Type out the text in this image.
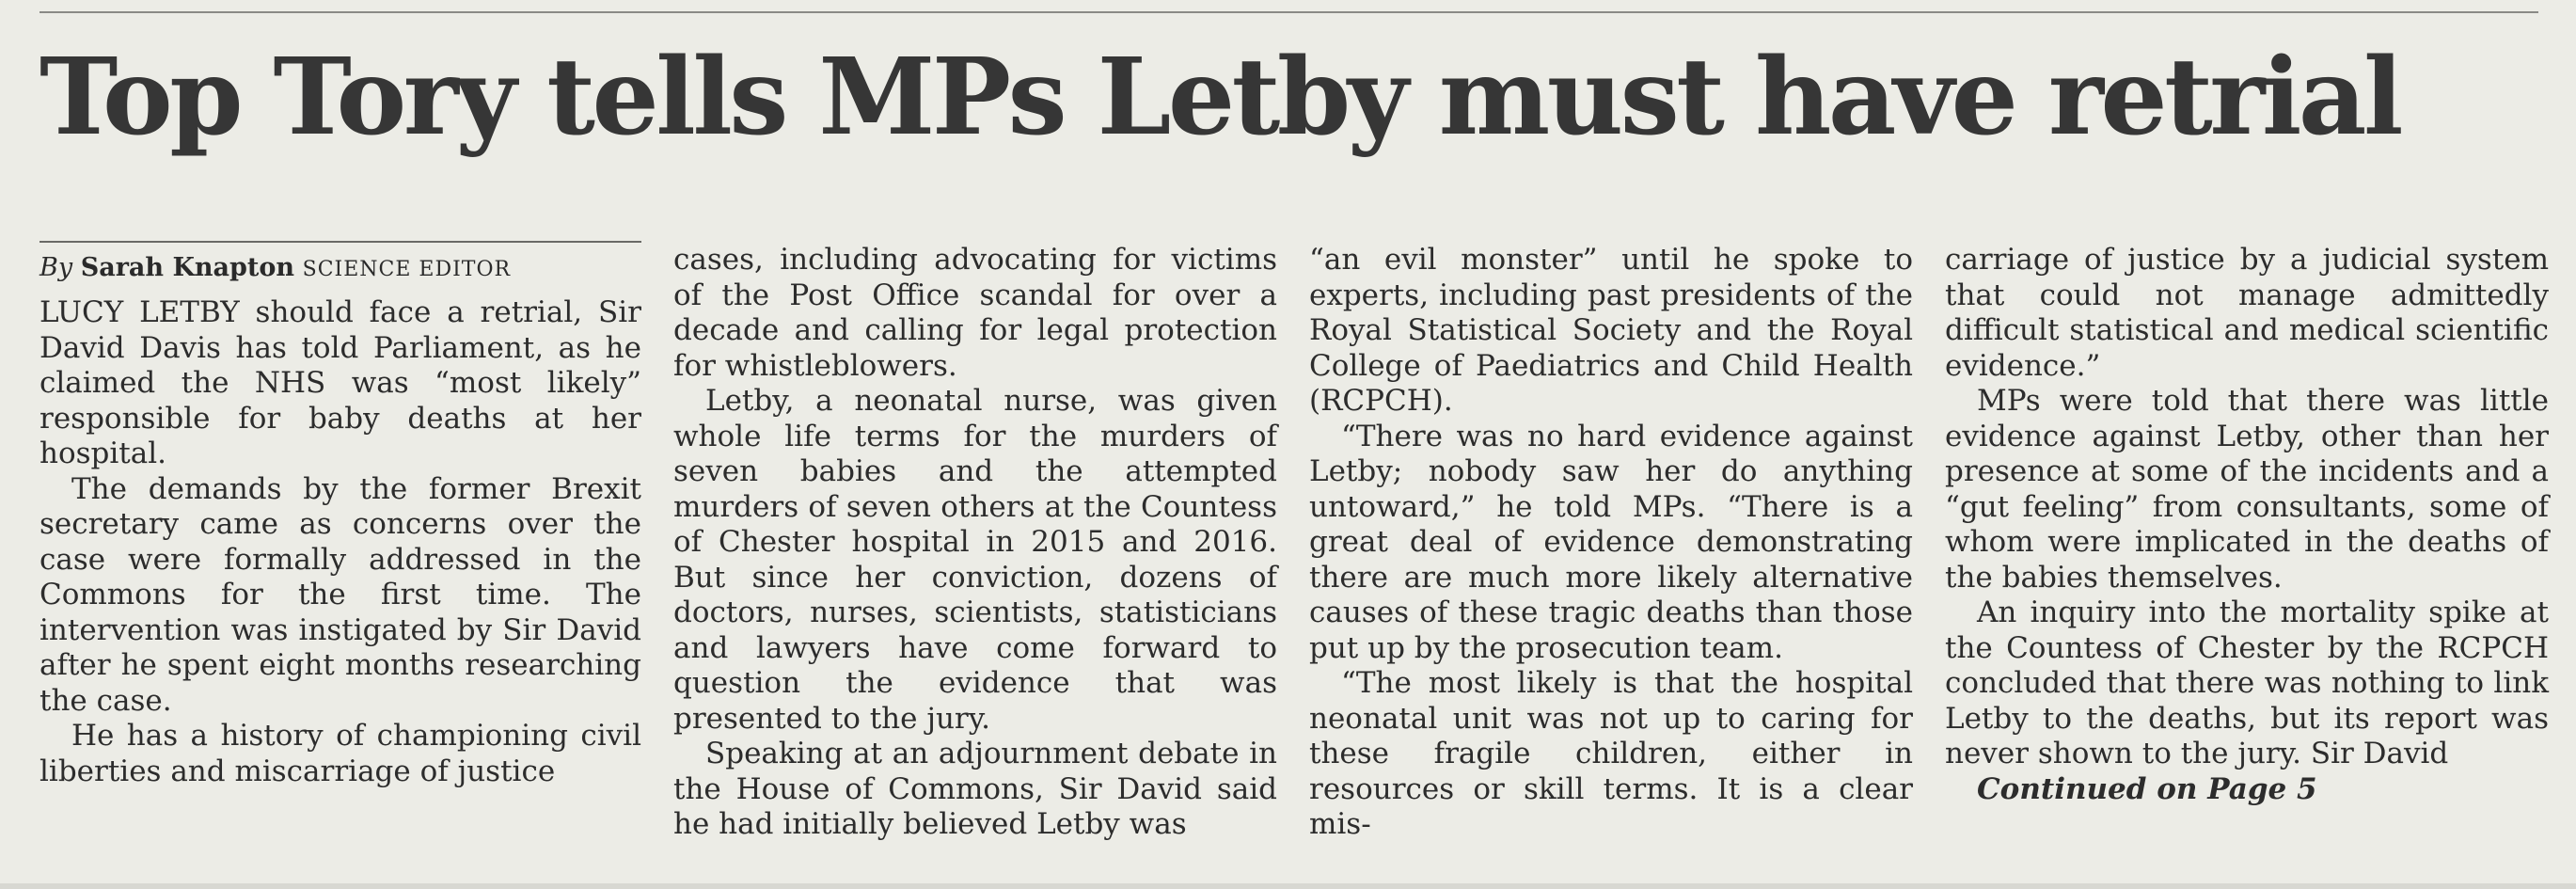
Top Tory tells MPs Letby must have retrial
By Sarah Knapton SCIENCE EDITOR

LUCY LETBY should face a retrial, Sir David Davis has told Parliament, as he claimed the NHS was “most likely” responsible for baby deaths at her hospital.

The demands by the former Brexit secretary came as concerns over the case were formally addressed in the Commons for the first time. The intervention was instigated by Sir David after he spent eight months researching the case.

He has a history of championing civil liberties and miscarriage of justice

cases, including advocating for victims of the Post Office scandal for over a decade and calling for legal protection for whistleblowers.

Letby, a neonatal nurse, was given whole life terms for the murders of seven babies and the attempted murders of seven others at the Countess of Chester hospital in 2015 and 2016. But since her conviction, dozens of doctors, nurses, scientists, statisticians and lawyers have come forward to question the evidence that was presented to the jury.

Speaking at an adjournment debate in the House of Commons, Sir David said he had initially believed Letby was

“an evil monster” until he spoke to experts, including past presidents of the Royal Statistical Society and the Royal College of Paediatrics and Child Health (RCPCH).

“There was no hard evidence against Letby; nobody saw her do anything untoward,” he told MPs. “There is a great deal of evidence demonstrating there are much more likely alternative causes of these tragic deaths than those put up by the prosecution team.

“The most likely is that the hospital neonatal unit was not up to caring for these fragile children, either in resources or skill terms. It is a clear mis-

carriage of justice by a judicial system that could not manage admittedly difficult statistical and medical scientific evidence.”

MPs were told that there was little evidence against Letby, other than her presence at some of the incidents and a “gut feeling” from consultants, some of whom were implicated in the deaths of the babies themselves.

An inquiry into the mortality spike at the Countess of Chester by the RCPCH concluded that there was nothing to link Letby to the deaths, but its report was never shown to the jury. Sir David

Continued on Page 5
